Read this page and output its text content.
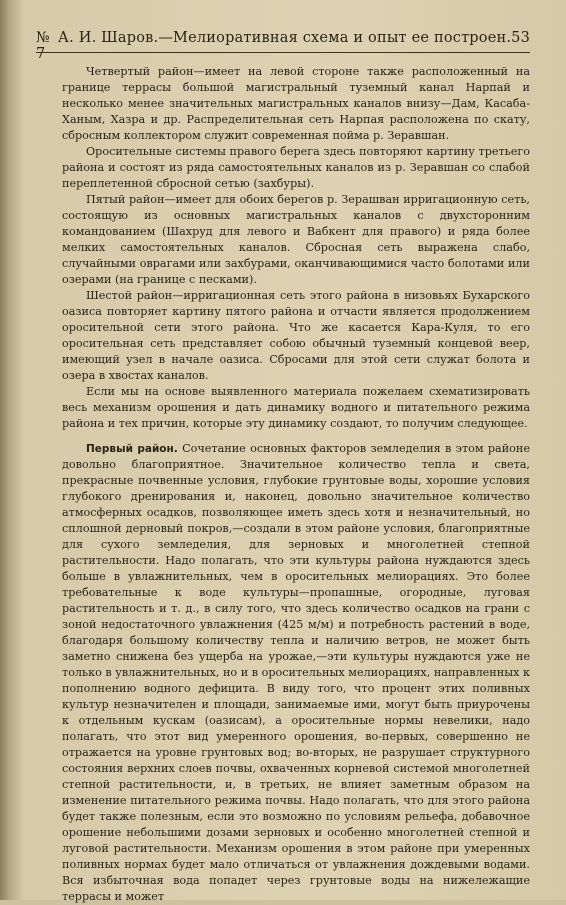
№ 7
А. И. Шаров.—Мелиоративная схема и опыт ее построен. 53

Четвертый район—имеет на левой стороне также расположенный на границе террасы большой магистральный туземный канал Нарпай и несколько менее значительных магистральных каналов внизу—Дам, Касаба-Ханым, Хазра и др. Распределительная сеть Нарпая расположена по скату, сбросным коллектором служит современная пойма р. Зеравшан.

Оросительные системы правого берега здесь повторяют картину третьего района и состоят из ряда самостоятельных каналов из р. Зеравшан со слабой переплетенной сбросной сетью (захбуры).

Пятый район—имеет для обоих берегов р. Зерашван ирригационную сеть, состоящую из основных магистральных каналов с двухсторонним командованием (Шахруд для левого и Вабкент для правого) и ряда более мелких самостоятельных каналов. Сбросная сеть выражена слабо, случайными оврагами или захбурами, оканчивающимися часто болотами или озерами (на границе с песками).

Шестой район—ирригационная сеть этого района в низовьях Бухарского оазиса повторяет картину пятого района и отчасти является продолжением оросительной сети этого района. Что же касается Кара-Куля, то его оросительная сеть представляет собою обычный туземный концевой веер, имеющий узел в начале оазиса. Сбросами для этой сети служат болота и озера в хвостах каналов.

Если мы на основе выявленного материала пожелаем схематизировать весь механизм орошения и дать динамику водного и питательного режима района и тех причин, которые эту динамику создают, то получим следующее.

Первый район. Сочетание основных факторов земледелия в этом районе довольно благоприятное. Значительное количество тепла и света, прекрасные почвенные условия, глубокие грунтовые воды, хорошие условия глубокого дренирования и, наконец, довольно значительное количество атмосферных осадков, позволяющее иметь здесь хотя и незначительный, но сплошной дерновый покров,—создали в этом районе условия, благоприятные для сухого земледелия, для зерновых и многолетней степной растительности. Надо полагать, что эти культуры района нуждаются здесь больше в увлажнительных, чем в оросительных мелиорациях. Это более требовательные к воде культуры—пропашные, огородные, луговая растительность и т. д., в силу того, что здесь количество осадков на грани с зоной недостаточного увлажнения (425 м/м) и потребность растений в воде, благодаря большому количеству тепла и наличию ветров, не может быть заметно снижена без ущерба на урожае,—эти культуры нуждаются уже не только в увлажнительных, но и в оросительных мелиорациях, направленных к пополнению водного дефицита. В виду того, что процент этих поливных культур незначителен и площади, занимаемые ими, могут быть приурочены к отдельным кускам (оазисам), а оросительные нормы невелики, надо полагать, что этот вид умеренного орошения, во-первых, совершенно не отражается на уровне грунтовых вод; во-вторых, не разрушает структурного состояния верхних слоев почвы, охваченных корневой системой многолетней степной растительности, и, в третьих, не влияет заметным образом на изменение питательного режима почвы. Надо полагать, что для этого района будет также полезным, если это возможно по условиям рельефа, добавочное орошение небольшими дозами зерновых и особенно многолетней степной и луговой растительности. Механизм орошения в этом районе при умеренных поливных нормах будет мало отличаться от увлажнения дождевыми водами. Вся избыточная вода попадет через грунтовые воды на нижележащие террасы и может
